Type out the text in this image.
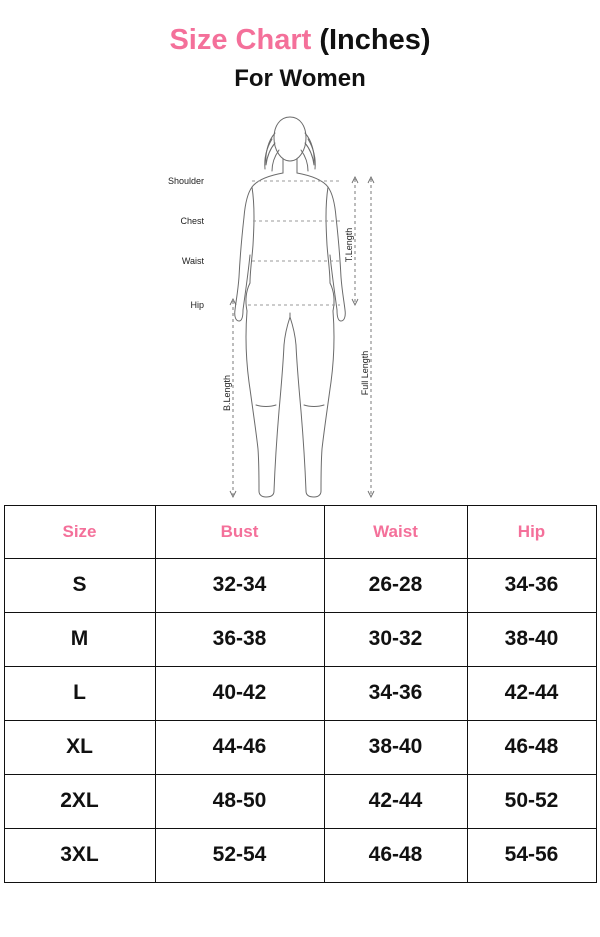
Size Chart (Inches)
For Women
Shoulder
Chest
Waist
Hip
T.Length
Full Length
B.Length
Size	Bust	Waist	Hip
S	32-34	26-28	34-36
M	36-38	30-32	38-40
L	40-42	34-36	42-44
XL	44-46	38-40	46-48
2XL	48-50	42-44	50-52
3XL	52-54	46-48	54-56
